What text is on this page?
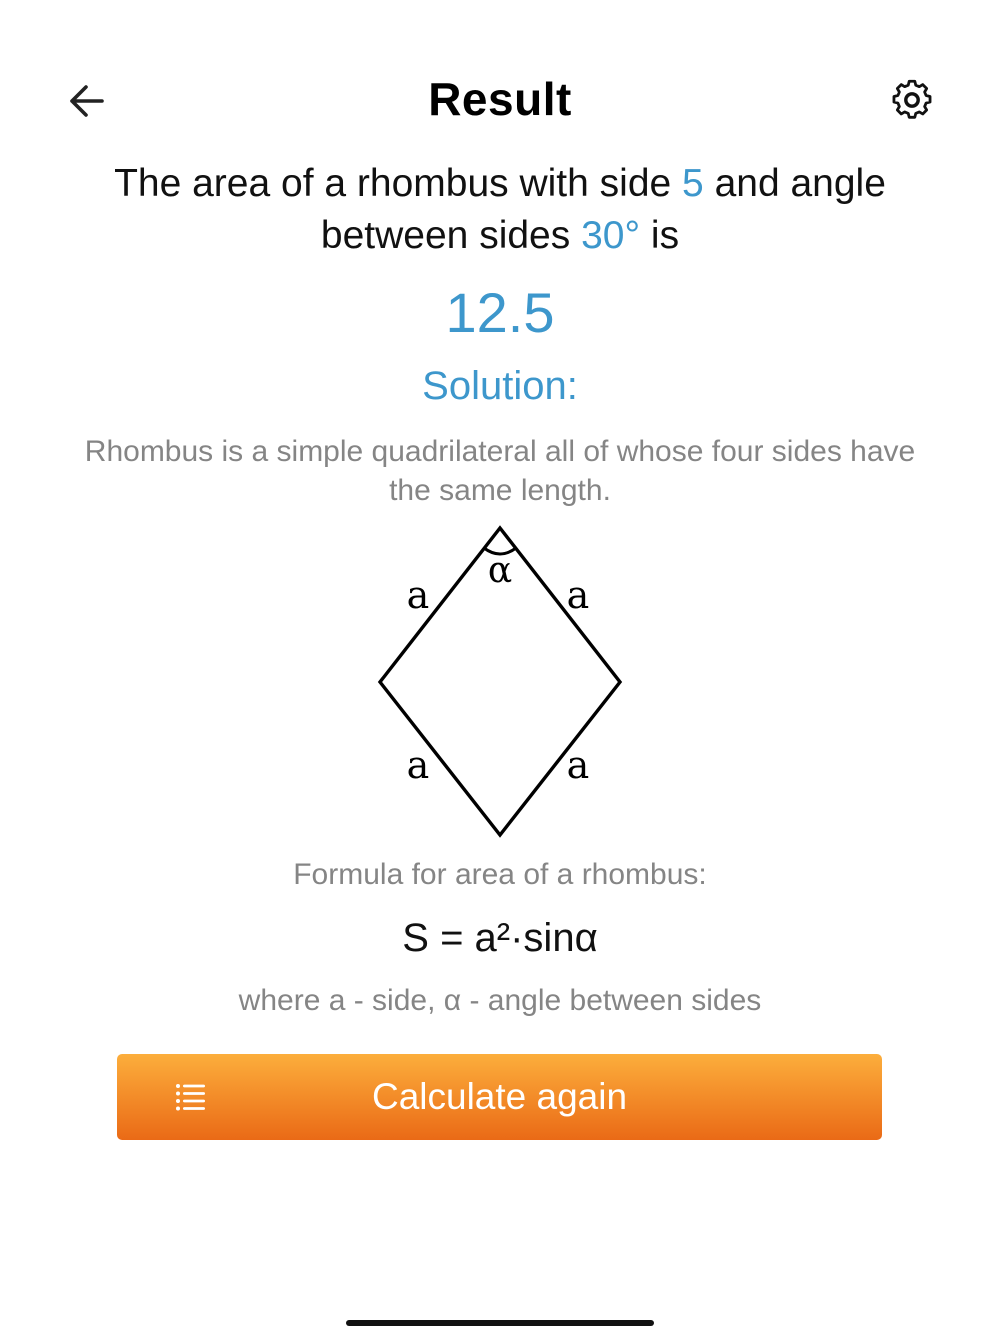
Result
The area of a rhombus with side 5 and angle between sides 30° is
12.5
Solution:
Rhombus is a simple quadrilateral all of whose four sides have the same length.
α
a	a
a	a
Formula for area of a rhombus:
S = a²·sinα
where a - side, α - angle between sides
Calculate again
